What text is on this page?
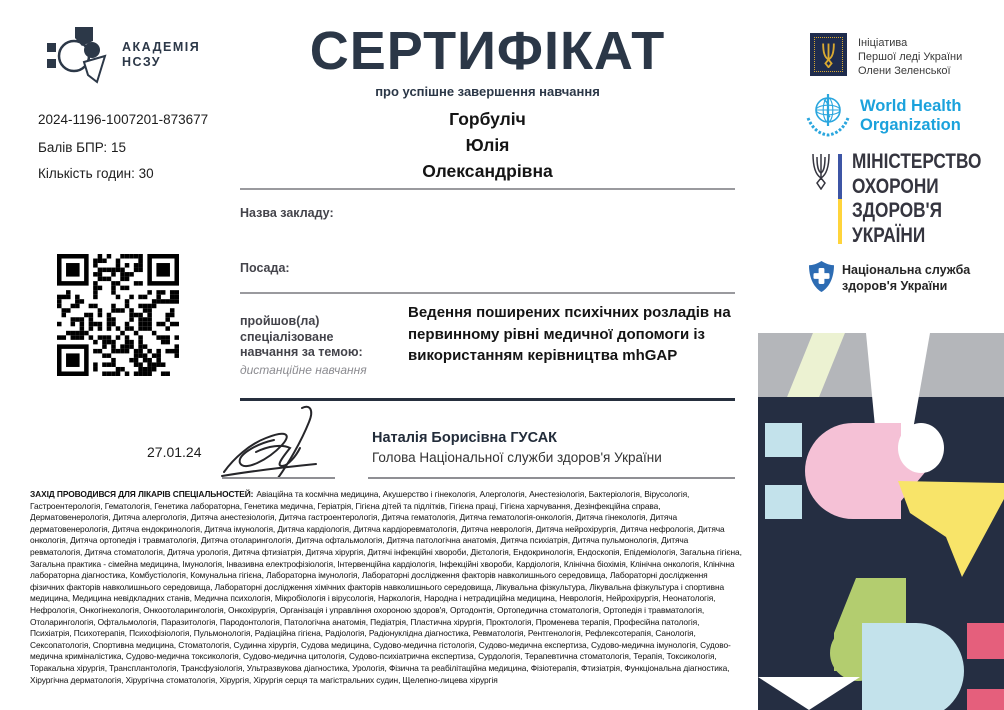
АКАДЕМІЯ
НСЗУ
2024-1196-1007201-873677
Балів БПР: 15
Кількість годин: 30
27.01.24
СЕРТИФІКАТ
про успішне завершення навчання
Горбуліч
Юлія
Олександрівна
Назва закладу:
Посада:
пройшов(ла)
спеціалізоване
навчання за темою:
дистанційне навчання
Ведення поширених психічних розладів на первинному рівні медичної допомоги із використанням керівництва mhGAP
Наталія Борисівна ГУСАК
Голова Національної служби здоров'я України
Ініціатива
Першої леді України
Олени Зеленської
World Health
Organization
МІНІСТЕРСТВО
ОХОРОНИ
ЗДОРОВ'Я
УКРАЇНИ
Національна служба
здоров'я України
ЗАХІД ПРОВОДИВСЯ ДЛЯ ЛІКАРІВ СПЕЦІАЛЬНОСТЕЙ: Авіаційна та космічна медицина, Акушерство і гінекологія, Алергологія, Анестезіологія, Бактеріологія, Вірусологія, Гастроентерологія, Гематологія, Генетика лабораторна, Генетика медична, Геріатрія, Гігієна дітей та підлітків, Гігієна праці, Гігієна харчування, Дезінфекційна справа, Дерматовенерологія, Дитяча алергологія, Дитяча анестезіологія, Дитяча гастроентерологія, Дитяча гематологія, Дитяча гематологія-онкологія, Дитяча гінекологія, Дитяча дерматовенерологія, Дитяча ендокринологія, Дитяча імунологія, Дитяча кардіологія, Дитяча кардіоревматологія, Дитяча неврологія, Дитяча нейрохірургія, Дитяча нефрологія, Дитяча онкологія, Дитяча ортопедія і травматологія, Дитяча отоларингологія, Дитяча офтальмологія, Дитяча патологічна анатомія, Дитяча психіатрія, Дитяча пульмонологія, Дитяча ревматологія, Дитяча стоматологія, Дитяча урологія, Дитяча фтизіатрія, Дитяча хірургія, Дитячі інфекційні хвороби, Дієтологія, Ендокринологія, Ендоскопія, Епідеміологія, Загальна гігієна, Загальна практика - сімейна медицина, Імунологія, Інвазивна електрофізіологія, Інтервенційна кардіологія, Інфекційні хвороби, Кардіологія, Клінічна біохімія, Клінічна онкологія, Клінічна лабораторна діагностика, Комбустіологія, Комунальна гігієна, Лабораторна імунологія, Лабораторні дослідження факторів навколишнього середовища, Лабораторні дослідження фізичних факторів навколишнього середовища, Лабораторні дослідження хімічних факторів навколишнього середовища, Лікувальна фізкультура, Лікувальна фізкультура і спортивна медицина, Медицина невідкладних станів, Медична психологія, Мікробіологія і вірусологія, Наркологія, Народна і нетрадиційна медицина, Неврологія, Нейрохірургія, Неонатологія, Нефрологія, Онкогінекологія, Онкоотоларингологія, Онкохірургія, Організація і управління охороною здоров'я, Ортодонтія, Ортопедична стоматологія, Ортопедія і травматологія, Отоларингологія, Офтальмологія, Паразитологія, Пародонтологія, Патологічна анатомія, Педіатрія, Пластична хірургія, Проктологія, Променева терапія, Професійна патологія, Психіатрія, Психотерапія, Психофізіологія, Пульмонологія, Радіаційна гігієна, Радіологія, Радіонуклідна діагностика, Ревматологія, Рентгенологія, Рефлексотерапія, Санологія, Сексопатологія, Спортивна медицина, Стоматологія, Судинна хірургія, Судова медицина, Судово-медична гістологія, Судово-медична експертиза, Судово-медична імунологія, Судово-медична криміналістика, Судово-медична токсикологія, Судово-медична цитологія, Судово-психіатрична експертиза, Сурдологія, Терапевтична стоматологія, Терапія, Токсикологія, Торакальна хірургія, Трансплантологія, Трансфузіологія, Ультразвукова діагностика, Урологія, Фізична та реабілітаційна медицина, Фізіотерапія, Фтизіатрія, Функціональна діагностика, Хірургічна дерматологія, Хірургічна стоматологія, Хірургія, Хірургія серця та магістральних судин, Щелепно-лицева хірургія
